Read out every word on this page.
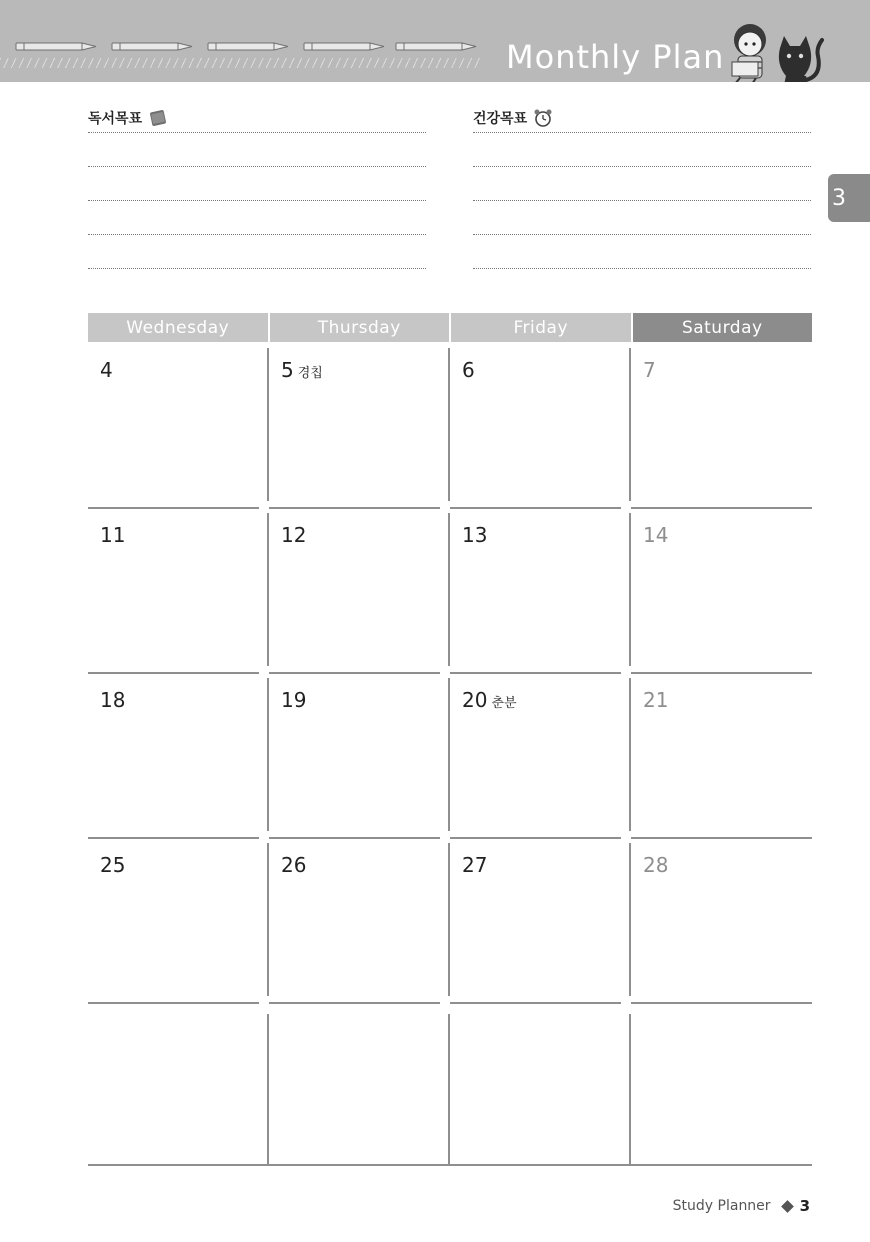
Monthly Plan
3
독서목표	건강목표
Wednesday	Thursday	Friday	Saturday
4	5 경칩	6	7
11	12	13	14
18	19	20 춘분	21
25	26	27	28
Study Planner 3
